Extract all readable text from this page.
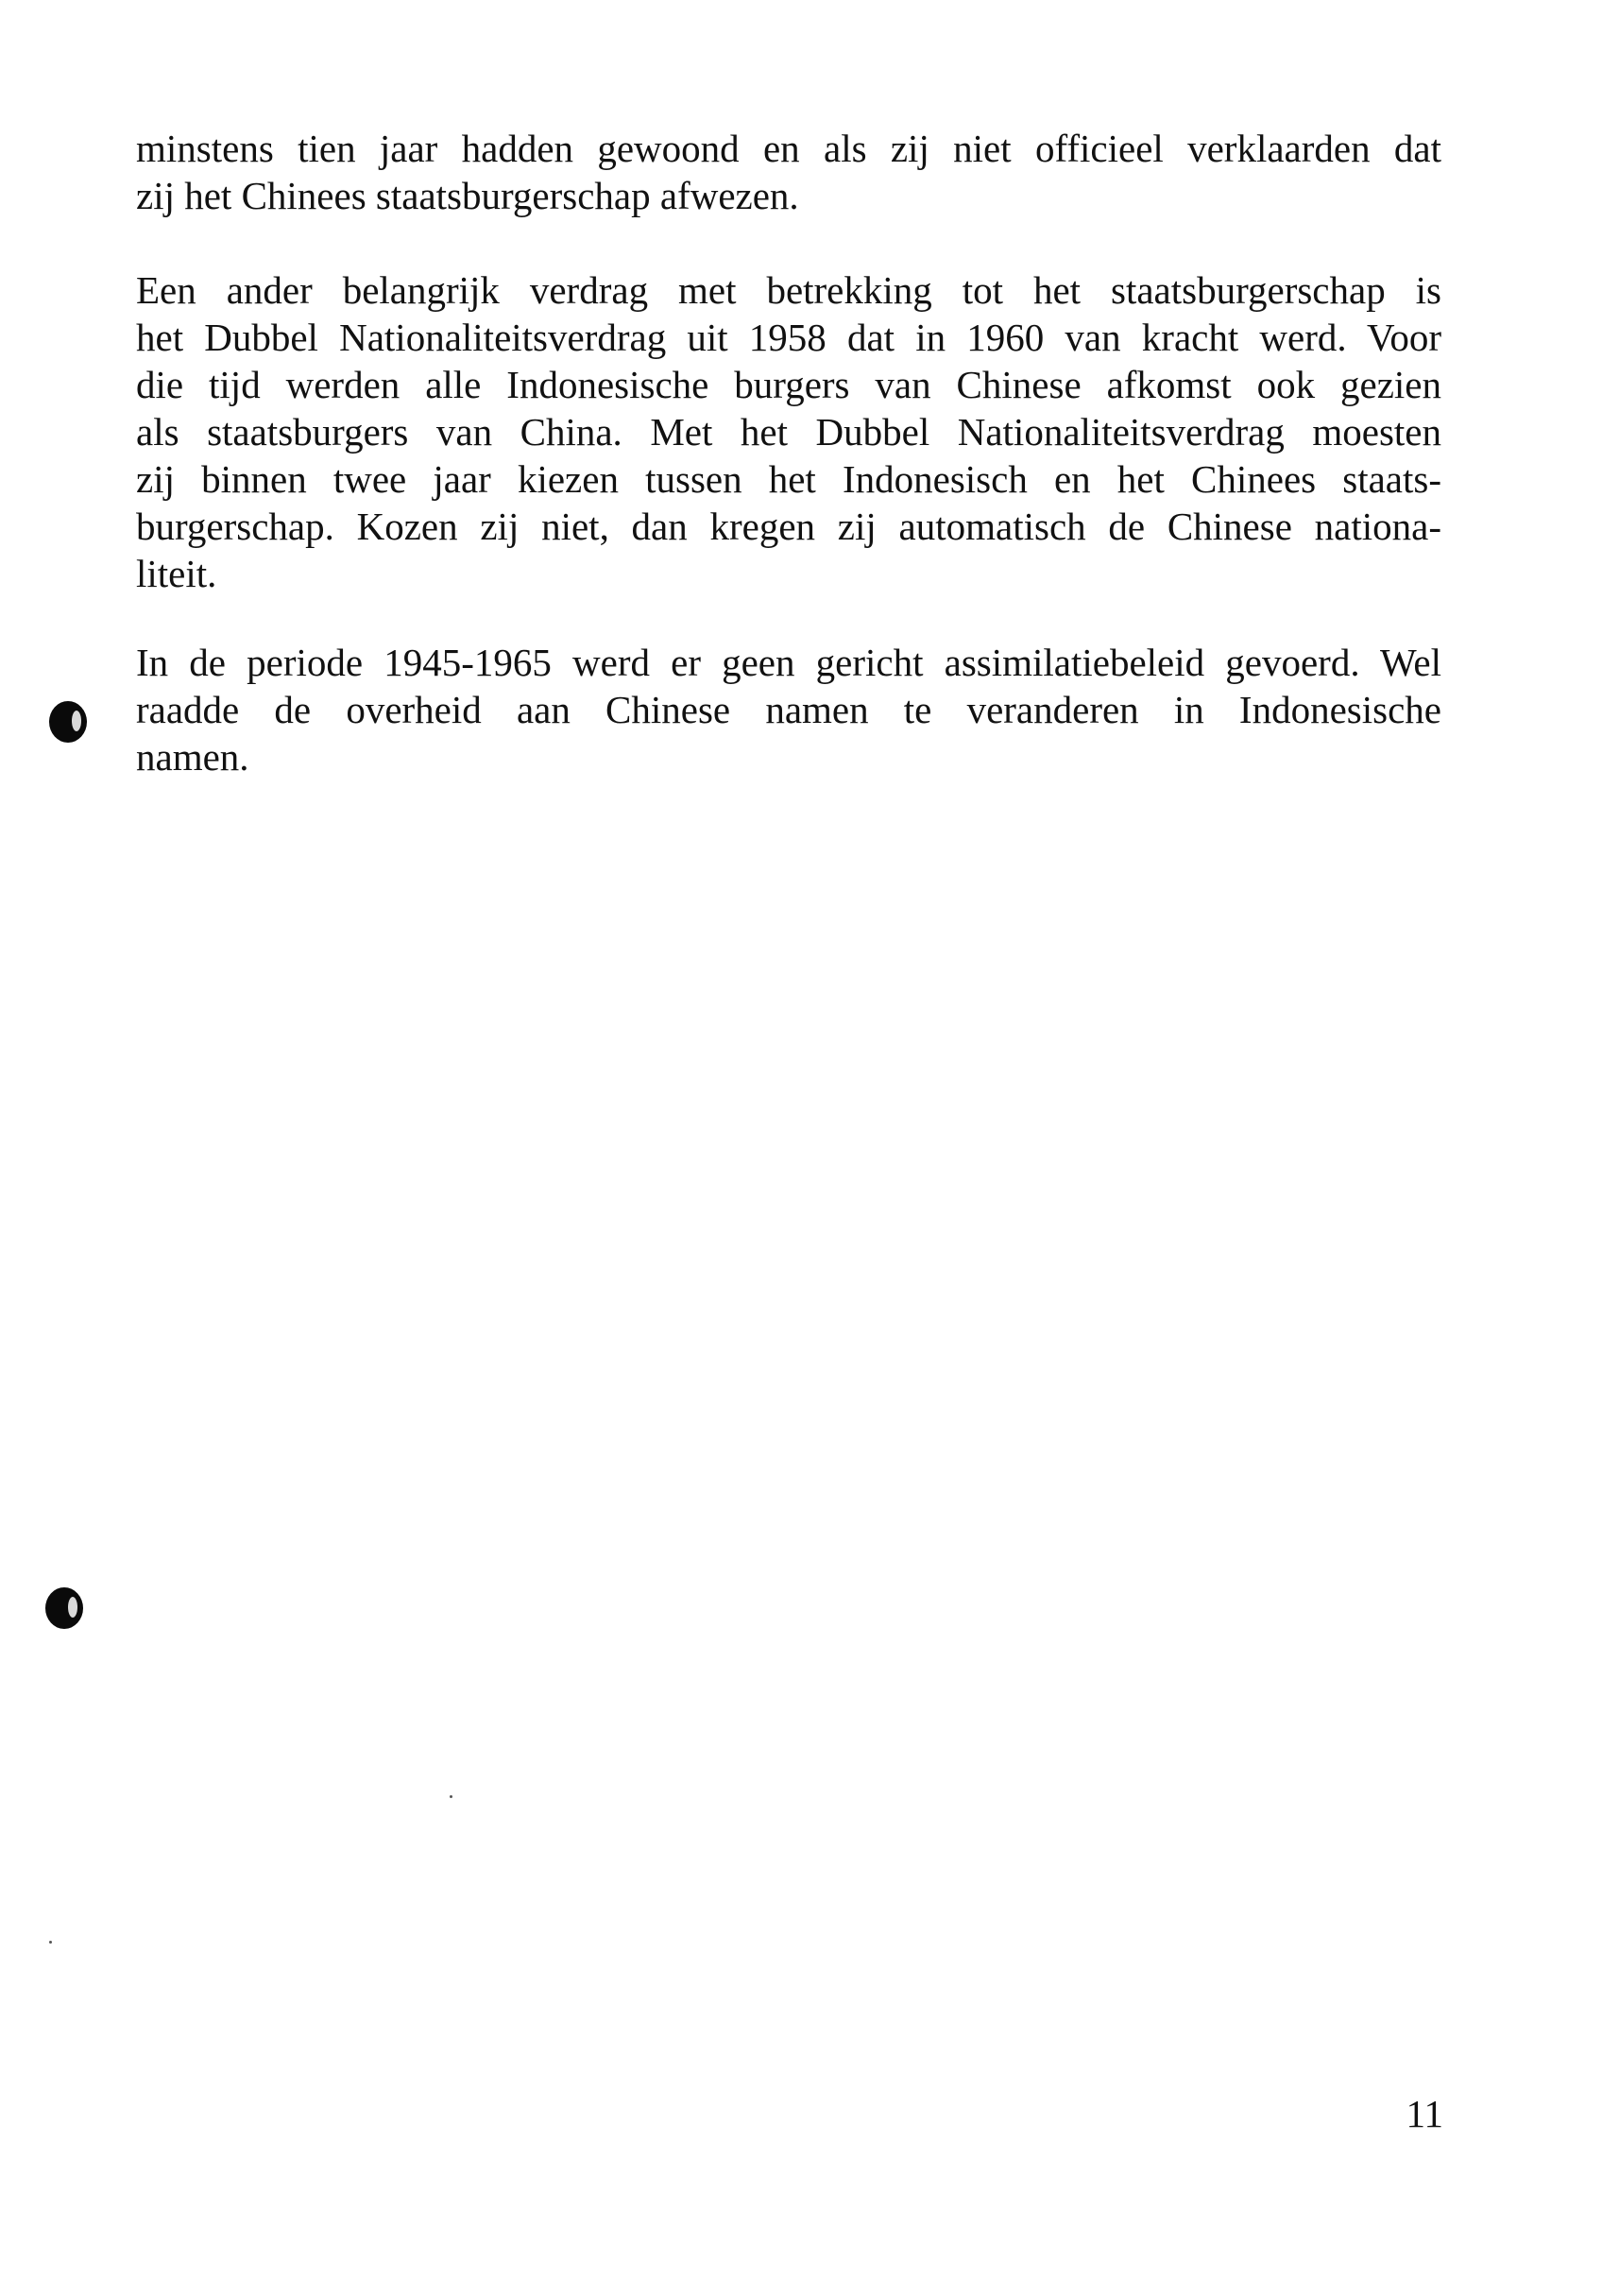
minstens tien jaar hadden gewoond en als zij niet officieel verklaarden dat
zij het Chinees staatsburgerschap afwezen.
Een ander belangrijk verdrag met betrekking tot het staatsburgerschap is
het Dubbel Nationaliteitsverdrag uit 1958 dat in 1960 van kracht werd. Voor
die tijd werden alle Indonesische burgers van Chinese afkomst ook gezien
als staatsburgers van China. Met het Dubbel Nationaliteitsverdrag moesten
zij binnen twee jaar kiezen tussen het Indonesisch en het Chinees staats-
burgerschap. Kozen zij niet, dan kregen zij automatisch de Chinese nationa-
liteit.
In de periode 1945-1965 werd er geen gericht assimilatiebeleid gevoerd. Wel
raadde de overheid aan Chinese namen te veranderen in Indonesische
namen.
11
